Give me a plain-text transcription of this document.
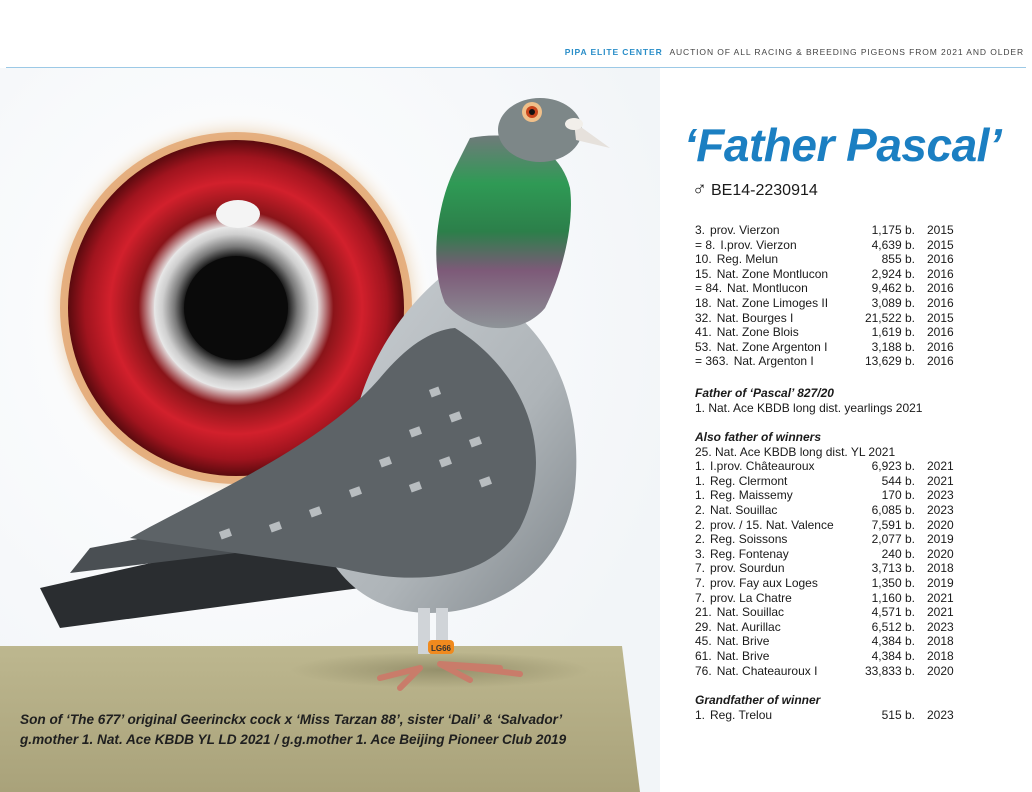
PIPA ELITE CENTER AUCTION OF ALL RACING & BREEDING PIGEONS FROM 2021 AND OLDER
LG66
‘Father Pascal’
♂ BE14-2230914
3. prov. Vierzon	1,175 b. 2015
= 8. I.prov. Vierzon	4,639 b. 2015
10. Reg. Melun	855 b. 2016
15. Nat. Zone Montlucon	2,924 b. 2016
= 84. Nat. Montlucon	9,462 b. 2016
18. Nat. Zone Limoges II	3,089 b. 2016
32. Nat. Bourges I	21,522 b. 2015
41. Nat. Zone Blois	1,619 b. 2016
53. Nat. Zone Argenton I	3,188 b. 2016
= 363. Nat. Argenton I	13,629 b. 2016
Father of ‘Pascal’ 827/20
1. Nat. Ace KBDB long dist. yearlings 2021
Also father of winners
25. Nat. Ace KBDB long dist. YL 2021
1. I.prov. Châteauroux	6,923 b. 2021
1. Reg. Clermont	544 b. 2021
1. Reg. Maissemy	170 b. 2023
2. Nat. Souillac	6,085 b. 2023
2. prov. / 15. Nat. Valence	7,591 b. 2020
2. Reg. Soissons	2,077 b. 2019
3. Reg. Fontenay	240 b. 2020
7. prov. Sourdun	3,713 b. 2018
7. prov. Fay aux Loges	1,350 b. 2019
7. prov. La Chatre	1,160 b. 2021
21. Nat. Souillac	4,571 b. 2021
29. Nat. Aurillac	6,512 b. 2023
45. Nat. Brive	4,384 b. 2018
61. Nat. Brive	4,384 b. 2018
76. Nat. Chateauroux I	33,833 b. 2020
Grandfather of winner
1. Reg. Trelou	515 b. 2023
Son of ‘The 677’ original Geerinckx cock x ‘Miss Tarzan 88’, sister ‘Dali’ & ‘Salvador’
g.mother 1. Nat. Ace KBDB YL LD 2021 / g.g.mother 1. Ace Beijing Pioneer Club 2019
